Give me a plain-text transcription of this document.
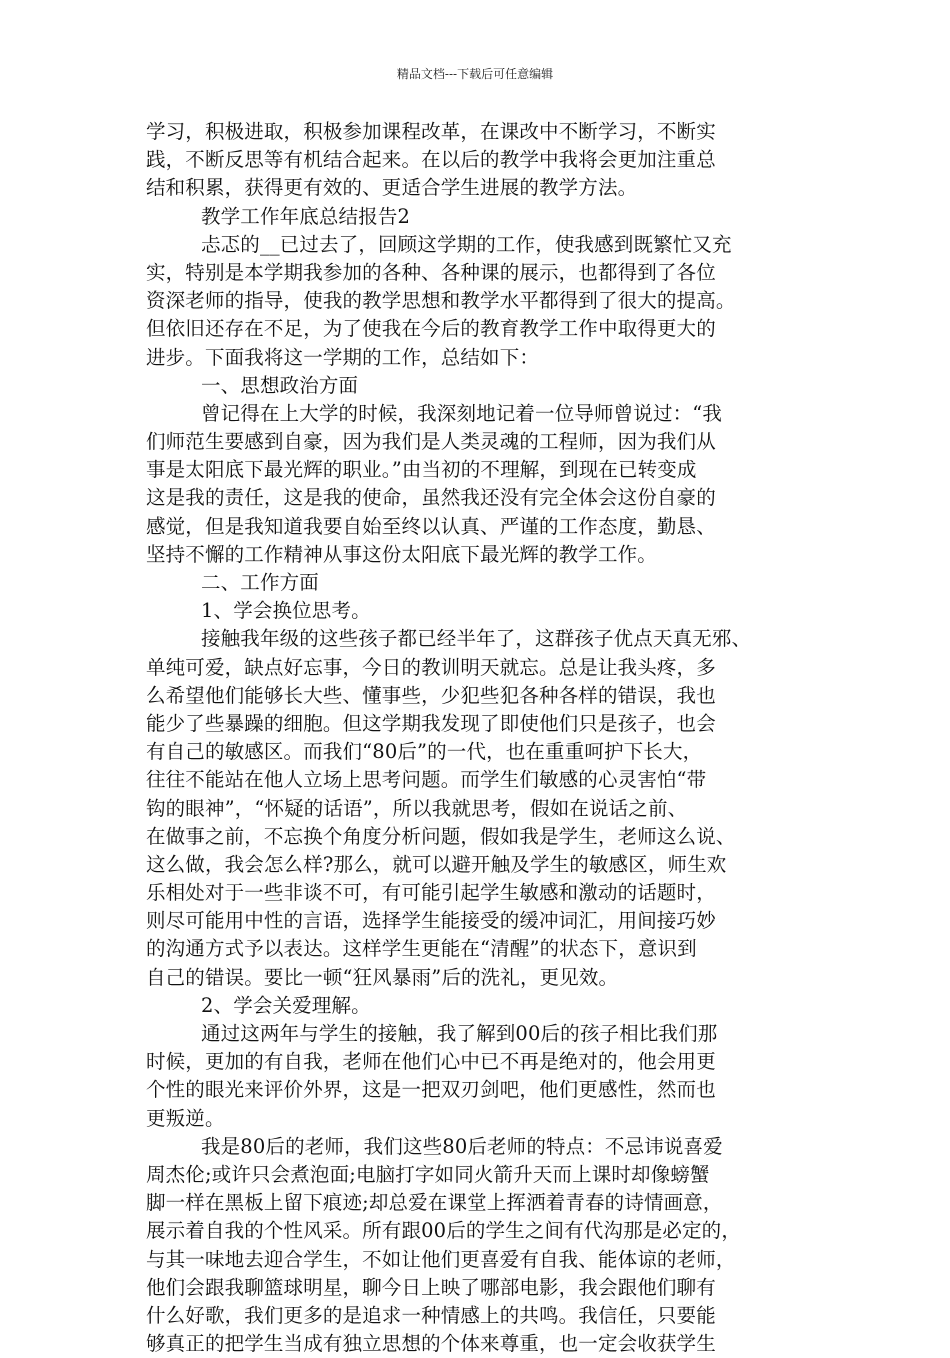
精品文档---下载后可任意编辑
学习，积极进取，积极参加课程改革，在课改中不断学习，不断实
践，不断反思等有机结合起来。在以后的教学中我将会更加注重总
结和积累，获得更有效的、更适合学生进展的教学方法。
教学工作年底总结报告2
忐忑的__已过去了，回顾这学期的工作，使我感到既繁忙又充
实，特别是本学期我参加的各种、各种课的展示，也都得到了各位
资深老师的指导，使我的教学思想和教学水平都得到了很大的提高。
但依旧还存在不足，为了使我在今后的教育教学工作中取得更大的
进步。下面我将这一学期的工作，总结如下：
一、思想政治方面
曾记得在上大学的时候，我深刻地记着一位导师曾说过：“我
们师范生要感到自豪，因为我们是人类灵魂的工程师，因为我们从
事是太阳底下最光辉的职业。”由当初的不理解，到现在已转变成
这是我的责任，这是我的使命，虽然我还没有完全体会这份自豪的
感觉，但是我知道我要自始至终以认真、严谨的工作态度，勤恳、
坚持不懈的工作精神从事这份太阳底下最光辉的教学工作。
二、工作方面
1、学会换位思考。
接触我年级的这些孩子都已经半年了，这群孩子优点天真无邪、
单纯可爱，缺点好忘事，今日的教训明天就忘。总是让我头疼，多
么希望他们能够长大些、懂事些，少犯些犯各种各样的错误，我也
能少了些暴躁的细胞。但这学期我发现了即使他们只是孩子，也会
有自己的敏感区。而我们“80后”的一代，也在重重呵护下长大，
往往不能站在他人立场上思考问题。而学生们敏感的心灵害怕“带
钩的眼神”，“怀疑的话语”，所以我就思考，假如在说话之前、
在做事之前，不忘换个角度分析问题，假如我是学生，老师这么说、
这么做，我会怎么样?那么，就可以避开触及学生的敏感区，师生欢
乐相处对于一些非谈不可，有可能引起学生敏感和激动的话题时，
则尽可能用中性的言语，选择学生能接受的缓冲词汇，用间接巧妙
的沟通方式予以表达。这样学生更能在“清醒”的状态下，意识到
自己的错误。要比一顿“狂风暴雨”后的洗礼，更见效。
2、学会关爱理解。
通过这两年与学生的接触，我了解到00后的孩子相比我们那
时候，更加的有自我，老师在他们心中已不再是绝对的，他会用更
个性的眼光来评价外界，这是一把双刃剑吧，他们更感性，然而也
更叛逆。
我是80后的老师，我们这些80后老师的特点：不忌讳说喜爱
周杰伦;或许只会煮泡面;电脑打字如同火箭升天而上课时却像螃蟹
脚一样在黑板上留下痕迹;却总爱在课堂上挥洒着青春的诗情画意，
展示着自我的个性风采。所有跟00后的学生之间有代沟那是必定的，
与其一味地去迎合学生，不如让他们更喜爱有自我、能体谅的老师，
他们会跟我聊篮球明星，聊今日上映了哪部电影，我会跟他们聊有
什么好歌，我们更多的是追求一种情感上的共鸣。我信任，只要能
够真正的把学生当成有独立思想的个体来尊重，也一定会收获学生
